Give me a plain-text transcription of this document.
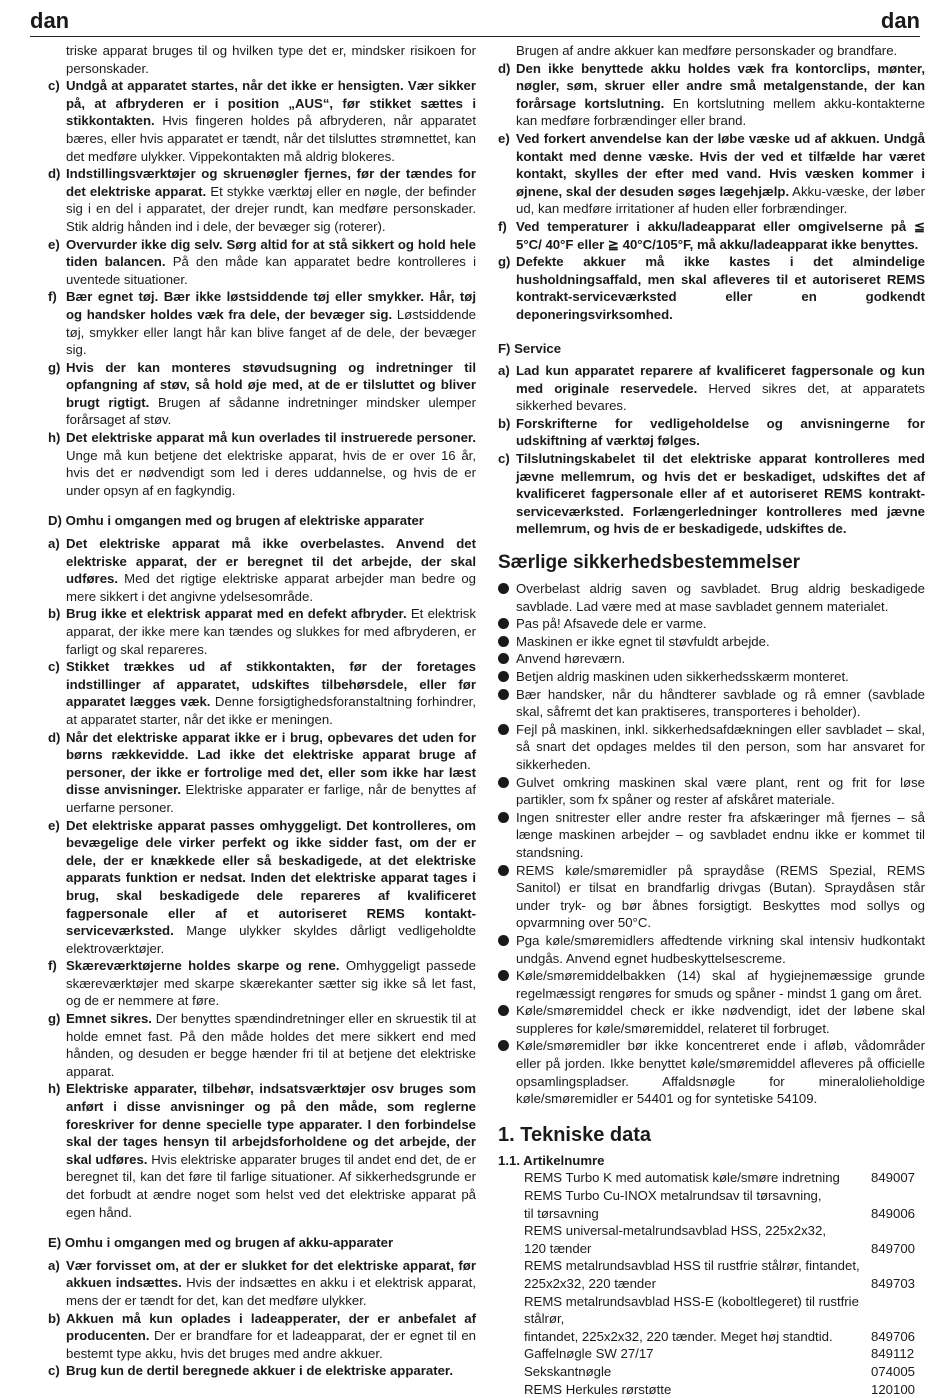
dan	dan
triske apparat bruges til og hvilken type det er, mindsker risikoen for personskader.
c) Undgå at apparatet startes, når det ikke er hensigten. Vær sikker på, at afbryderen er i position „AUS“, før stikket sættes i stikkontakten. Hvis fingeren holdes på afbryderen, når apparatet bæres, eller hvis apparatet er tændt, når det tilsluttes strømnettet, kan det medføre ulykker. Vippekontakten må aldrig blokeres.
d) Indstillingsværktøjer og skruenøgler fjernes, før der tændes for det elektriske apparat. Et stykke værktøj eller en nøgle, der befinder sig i en del i apparatet, der drejer rundt, kan medføre personskader. Stik aldrig hånden ind i dele, der bevæger sig (roterer).
e) Overvurder ikke dig selv. Sørg altid for at stå sikkert og hold hele tiden balancen. På den måde kan apparatet bedre kontrolleres i uventede situationer.
f) Bær egnet tøj. Bær ikke løstsiddende tøj eller smykker. Hår, tøj og handsker holdes væk fra dele, der bevæger sig. Løstsiddende tøj, smykker eller langt hår kan blive fanget af de dele, der bevæger sig.
g) Hvis der kan monteres støvudsugning og indretninger til opfangning af støv, så hold øje med, at de er tilsluttet og bliver brugt rigtigt. Brugen af sådanne indretninger mindsker ulemper forårsaget af støv.
h) Det elektriske apparat må kun overlades til instruerede personer. Unge må kun betjene det elektriske apparat, hvis de er over 16 år, hvis det er nødvendigt som led i deres uddannelse, og hvis de er under opsyn af en fagkyndig.
D) Omhu i omgangen med og brugen af elektriske apparater
a) Det elektriske apparat må ikke overbelastes. Anvend det elektriske apparat, der er beregnet til det arbejde, der skal udføres. Med det rigtige elektriske apparat arbejder man bedre og mere sikkert i det angivne ydelsesområde.
b) Brug ikke et elektrisk apparat med en defekt afbryder. Et elektrisk apparat, der ikke mere kan tændes og slukkes for med afbryderen, er farligt og skal repareres.
c) Stikket trækkes ud af stikkontakten, før der foretages indstillinger af apparatet, udskiftes tilbehørsdele, eller før apparatet lægges væk. Denne forsigtighedsforanstaltning forhindrer, at apparatet starter, når det ikke er meningen.
d) Når det elektriske apparat ikke er i brug, opbevares det uden for børns rækkevidde. Lad ikke det elektriske apparat bruge af personer, der ikke er fortrolige med det, eller som ikke har læst disse anvisninger. Elektriske apparater er farlige, når de benyttes af uerfarne personer.
e) Det elektriske apparat passes omhyggeligt. Det kontrolleres, om bevægelige dele virker perfekt og ikke sidder fast, om der er dele, der er knækkede eller så beskadigede, at det elektriske apparats funktion er nedsat. Inden det elektriske apparat tages i brug, skal beskadigede dele repareres af kvalificeret fagpersonale eller af et autoriseret REMS kontakt-serviceværksted. Mange ulykker skyldes dårligt vedligeholdte elektroværktøjer.
f) Skæreværktøjerne holdes skarpe og rene. Omhyggeligt passede skæreværktøjer med skarpe skærekanter sætter sig ikke så let fast, og de er nemmere at føre.
g) Emnet sikres. Der benyttes spændindretninger eller en skruestik til at holde emnet fast. På den måde holdes det mere sikkert end med hånden, og desuden er begge hænder fri til at betjene det elektriske apparat.
h) Elektriske apparater, tilbehør, indsatsværktøjer osv bruges som anført i disse anvisninger og på den måde, som reglerne foreskriver for denne specielle type apparater. I den forbindelse skal der tages hensyn til arbejdsforholdene og det arbejde, der skal udføres. Hvis elektriske apparater bruges til andet end det, de er beregnet til, kan det føre til farlige situationer. Af sikkerhedsgrunde er det forbudt at ændre noget som helst ved det elektriske apparat på egen hånd.
E) Omhu i omgangen med og brugen af akku-apparater
a) Vær forvisset om, at der er slukket for det elektriske apparat, før akkuen indsættes. Hvis der indsættes en akku i et elektrisk apparat, mens der er tændt for det, kan det medføre ulykker.
b) Akkuen må kun oplades i ladeapperater, der er anbefalet af producenten. Der er brandfare for et ladeapparat, der er egnet til en bestemt type akku, hvis det bruges med andre akkuer.
c) Brug kun de dertil beregnede akkuer i de elektriske apparater.
Brugen af andre akkuer kan medføre personskader og brandfare.
d) Den ikke benyttede akku holdes væk fra kontorclips, mønter, nøgler, søm, skruer eller andre små metalgenstande, der kan forårsage kortslutning. En kortslutning mellem akku-kontakterne kan medføre forbrændinger eller brand.
e) Ved forkert anvendelse kan der løbe væske ud af akkuen. Undgå kontakt med denne væske. Hvis der ved et tilfælde har været kontakt, skylles der efter med vand. Hvis væsken kommer i øjnene, skal der desuden søges lægehjælp. Akku-væske, der løber ud, kan medføre irritationer af huden eller forbrændinger.
f) Ved temperaturer i akku/ladeapparat eller omgivelserne på ≦ 5°C/ 40°F eller ≧ 40°C/105°F, må akku/ladeapparat ikke benyttes.
g) Defekte akkuer må ikke kastes i det almindelige husholdningsaffald, men skal afleveres til et autoriseret REMS kontrakt-serviceværksted eller en godkendt deponeringsvirksomhed.
F) Service
a) Lad kun apparatet reparere af kvalificeret fagpersonale og kun med originale reservedele. Herved sikres det, at apparatets sikkerhed bevares.
b) Forskrifterne for vedligeholdelse og anvisningerne for udskiftning af værktøj følges.
c) Tilslutningskabelet til det elektriske apparat kontrolleres med jævne mellemrum, og hvis det er beskadiget, udskiftes det af kvalificeret fagpersonale eller af et autoriseret REMS kontrakt-serviceværksted. Forlængerledninger kontrolleres med jævne mellemrum, og hvis de er beskadigede, udskiftes de.
Særlige sikkerhedsbestemmelser
Overbelast aldrig saven og savbladet. Brug aldrig beskadigede savblade. Lad være med at mase savbladet gennem materialet.
Pas på! Afsavede dele er varme.
Maskinen er ikke egnet til støvfuldt arbejde.
Anvend høreværn.
Betjen aldrig maskinen uden sikkerhedsskærm monteret.
Bær handsker, når du håndterer savblade og rå emner (savblade skal, såfremt det kan praktiseres, transporteres i beholder).
Fejl på maskinen, inkl. sikkerhedsafdækningen eller savbladet – skal, så snart det opdages meldes til den person, som har ansvaret for sikkerheden.
Gulvet omkring maskinen skal være plant, rent og frit for løse partikler, som fx spåner og rester af afskåret materiale.
Ingen snitrester eller andre rester fra afskæringer må fjernes – så længe maskinen arbejder – og savbladet endnu ikke er kommet til standsning.
REMS køle/smøremidler på spraydåse (REMS Spezial, REMS Sanitol) er tilsat en brandfarlig drivgas (Butan). Spraydåsen står under tryk- og bør åbnes forsigtigt. Beskyttes mod sollys og opvarmning over 50°C.
Pga køle/smøremidlers affedtende virkning skal intensiv hudkontakt undgås. Anvend egnet hudbeskyttelsescreme.
Køle/smøremiddelbakken (14) skal af hygiejnemæssige grunde regelmæssigt rengøres for smuds og spåner - mindst 1 gang om året.
Køle/smøremiddel check er ikke nødvendigt, idet der løbene skal suppleres for køle/smøremiddel, relateret til forbruget.
Køle/smøremidler bør ikke koncentreret ende i afløb, vådområder eller på jorden. Ikke benyttet køle/smøremiddel afleveres på officielle opsamlingspladser. Affaldsnøgle for mineralolieholdige køle/smøremidler er 54401 og for syntetiske 54109.
1. Tekniske data
1.1. Artikelnumre
REMS Turbo K med automatisk køle/smøre indretning	849007
REMS Turbo Cu-INOX metalrundsav til tørsavning,
til tørsavning	849006
REMS universal-metalrundsavblad HSS, 225x2x32,
120 tænder	849700
REMS metalrundsavblad HSS til rustfrie stålrør, fintandet,
225x2x32, 220 tænder	849703
REMS metalrundsavblad HSS-E (koboltlegeret) til rustfrie stålrør,
fintandet, 225x2x32, 220 tænder. Meget høj standtid.	849706
Gaffelnøgle SW 27/17	849112
Sekskantnøgle	074005
REMS Herkules rørstøtte	120100
